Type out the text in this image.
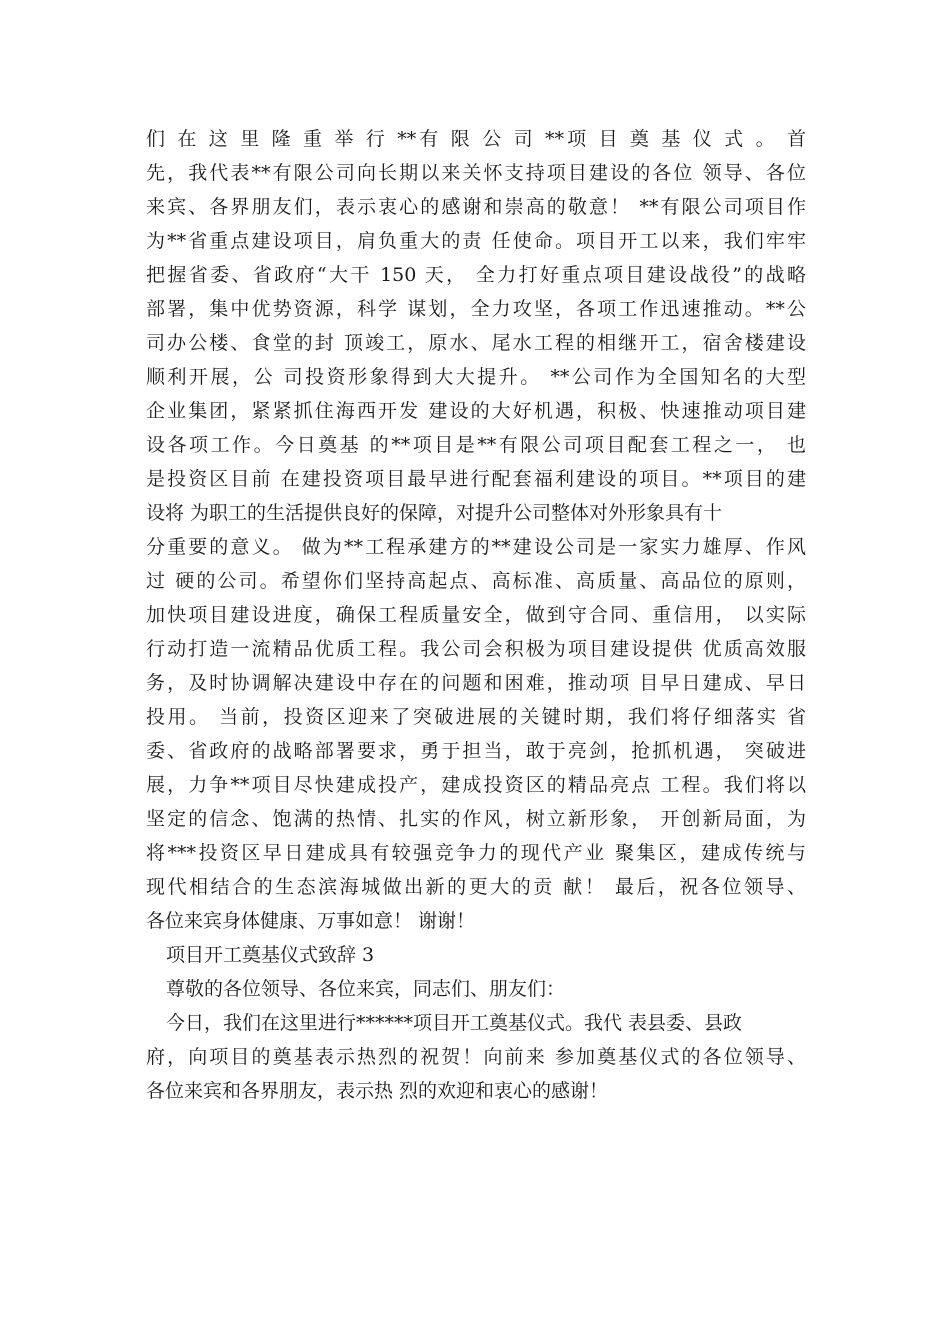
们 在 这 里 隆 重 举 行 **有 限 公 司 **项 目 奠 基 仪 式 。 首
先，我代表**有限公司向长期以来关怀支持项目建设的各位 领导、各位
来宾、各界朋友们，表示衷心的感谢和崇高的敬意！ **有限公司项目作
为**省重点建设项目，肩负重大的责 任使命。项目开工以来，我们牢牢
把握省委、省政府“大干 150 天， 全力打好重点项目建设战役”的战略
部署，集中优势资源，科学 谋划，全力攻坚，各项工作迅速推动。**公
司办公楼、食堂的封 顶竣工，原水、尾水工程的相继开工，宿舍楼建设
顺利开展，公 司投资形象得到大大提升。 **公司作为全国知名的大型
企业集团，紧紧抓住海西开发 建设的大好机遇，积极、快速推动项目建
设各项工作。今日奠基 的**项目是**有限公司项目配套工程之一， 也
是投资区目前 在建投资项目最早进行配套福利建设的项目。**项目的建
设将 为职工的生活提供良好的保障，对提升公司整体对外形象具有十
分重要的意义。 做为**工程承建方的**建设公司是一家实力雄厚、作风
过 硬的公司。希望你们坚持高起点、高标准、高质量、高品位的原则，
加快项目建设进度，确保工程质量安全，做到守合同、重信用， 以实际
行动打造一流精品优质工程。我公司会积极为项目建设提供 优质高效服
务，及时协调解决建设中存在的问题和困难，推动项 目早日建成、早日
投用。 当前，投资区迎来了突破进展的关键时期，我们将仔细落实 省
委、省政府的战略部署要求，勇于担当，敢于亮剑，抢抓机遇， 突破进
展，力争**项目尽快建成投产，建成投资区的精品亮点 工程。我们将以
坚定的信念、饱满的热情、扎实的作风，树立新形象， 开创新局面，为
将***投资区早日建成具有较强竞争力的现代产业 聚集区，建成传统与
现代相结合的生态滨海城做出新的更大的贡 献！ 最后，祝各位领导、
各位来宾身体健康、万事如意！ 谢谢！
项目开工奠基仪式致辞 3
尊敬的各位领导、各位来宾，同志们、朋友们：
今日，我们在这里进行******项目开工奠基仪式。我代 表县委、县政
府，向项目的奠基表示热烈的祝贺！向前来 参加奠基仪式的各位领导、
各位来宾和各界朋友，表示热 烈的欢迎和衷心的感谢！
